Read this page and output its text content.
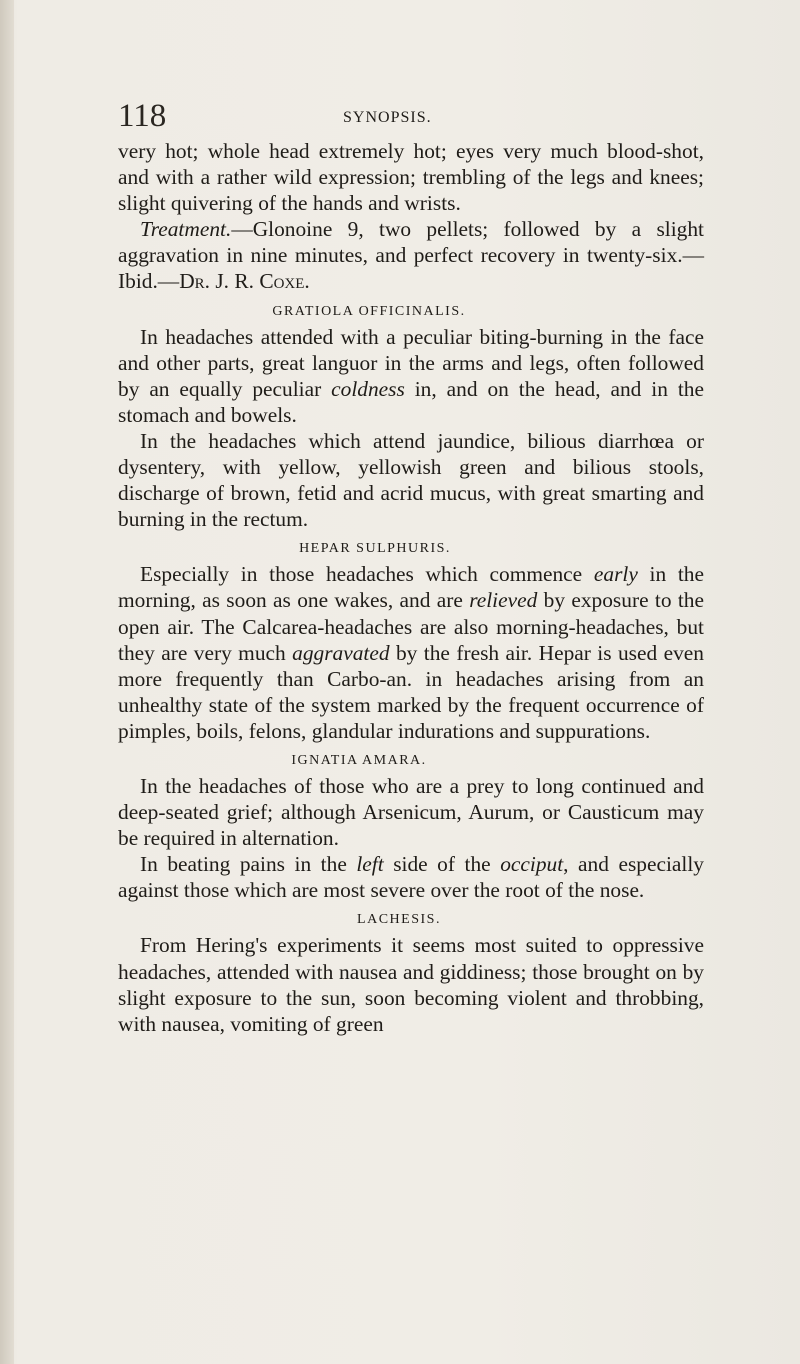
118	SYNOPSIS.

very hot; whole head extremely hot; eyes very much blood-shot, and with a rather wild expression; trembling of the legs and knees; slight quivering of the hands and wrists.

Treatment.—Glonoine 9, two pellets; followed by a slight aggravation in nine minutes, and perfect recovery in twenty-six.—Ibid.—Dr. J. R. Coxe.

GRATIOLA OFFICINALIS.

In headaches attended with a peculiar biting-burning in the face and other parts, great languor in the arms and legs, often followed by an equally peculiar coldness in, and on the head, and in the stomach and bowels.

In the headaches which attend jaundice, bilious diarrhœa or dysentery, with yellow, yellowish green and bilious stools, discharge of brown, fetid and acrid mucus, with great smarting and burning in the rectum.

HEPAR SULPHURIS.

Especially in those headaches which commence early in the morning, as soon as one wakes, and are relieved by exposure to the open air. The Calcarea-headaches are also morning-headaches, but they are very much aggravated by the fresh air. Hepar is used even more frequently than Carbo-an. in headaches arising from an unhealthy state of the system marked by the frequent occurrence of pimples, boils, felons, glandular indurations and suppurations.

IGNATIA AMARA.

In the headaches of those who are a prey to long continued and deep-seated grief; although Arsenicum, Aurum, or Causticum may be required in alternation.

In beating pains in the left side of the occiput, and especially against those which are most severe over the root of the nose.

LACHESIS.

From Hering's experiments it seems most suited to oppressive headaches, attended with nausea and giddiness; those brought on by slight exposure to the sun, soon becoming violent and throbbing, with nausea, vomiting of green
